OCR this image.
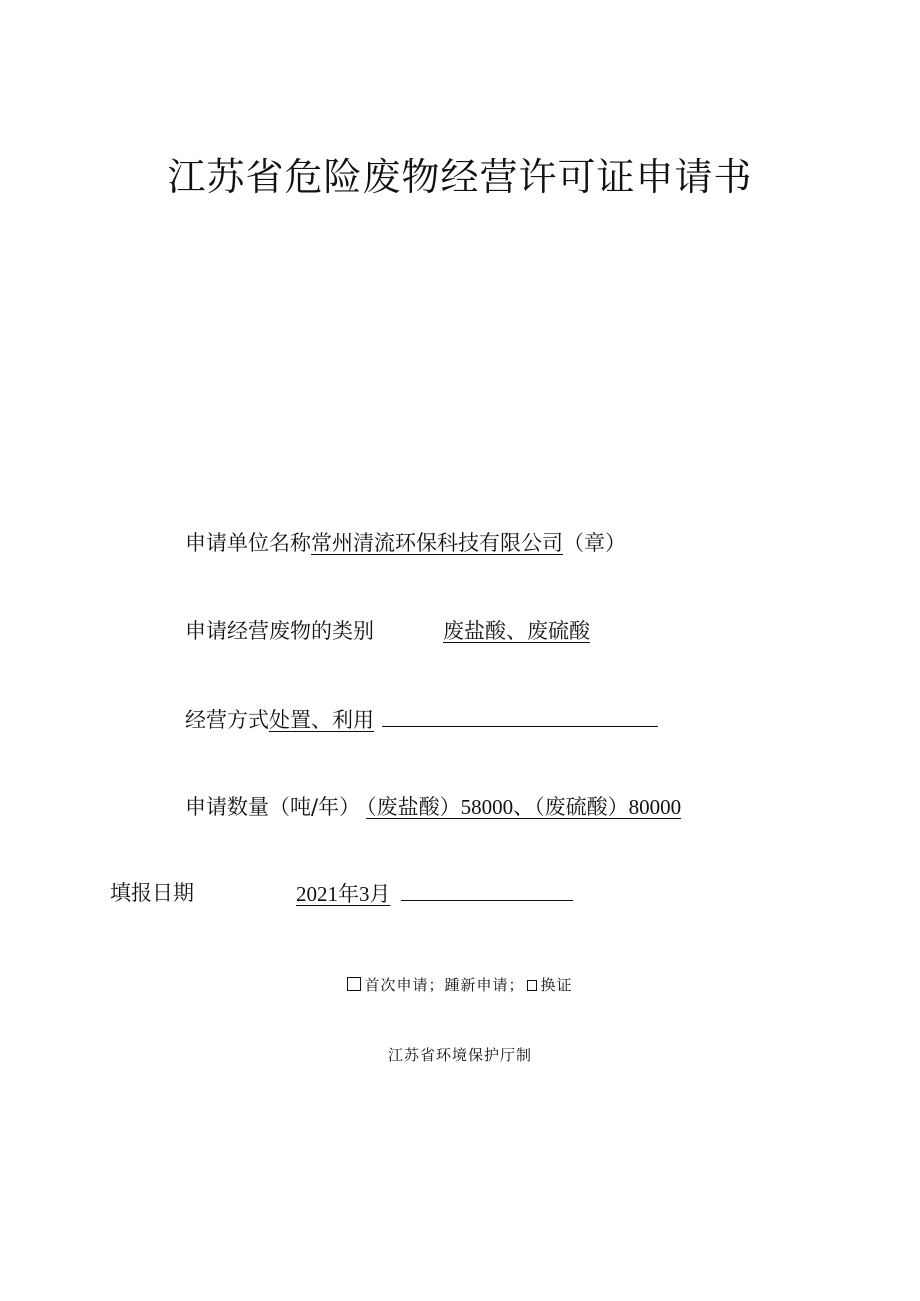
江苏省危险废物经营许可证申请书
申请单位名称常州清流环保科技有限公司（章）
申请经营废物的类别	废盐酸、废硫酸
经营方式处置、利用
申请数量（吨/年） （废盐酸）58000、（废硫酸）80000
填报日期	2021年3月
首次申请；踵新申请； 换证
江苏省环境保护厅制
